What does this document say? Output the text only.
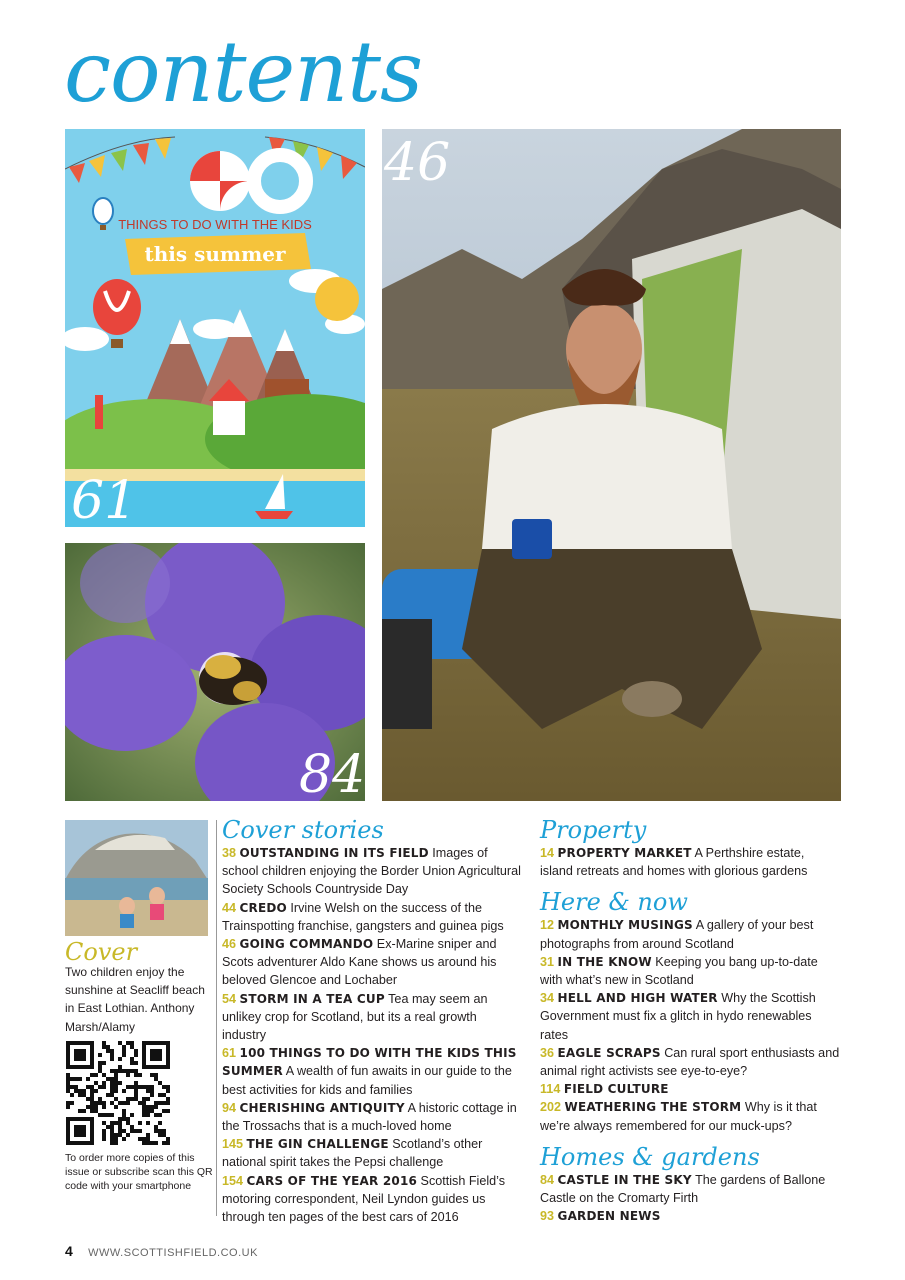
contents
THINGS TO DO WITH THE KIDS
this summer
61
84
46
Cover
Two children enjoy the sunshine at Seacliff beach in East Lothian. Anthony Marsh/Alamy
To order more copies of this issue or subscribe scan this QR code with your smartphone
Cover stories
38 OUTSTANDING IN ITS FIELD Images of school children enjoying the Border Union Agricultural Society Schools Countryside Day
44 CREDO Irvine Welsh on the success of the Trainspotting franchise, gangsters and guinea pigs
46 GOING COMMANDO Ex-Marine sniper and Scots adventurer Aldo Kane shows us around his beloved Glencoe and Lochaber
54 STORM IN A TEA CUP Tea may seem an unlikey crop for Scotland, but its a real growth industry
61 100 THINGS TO DO WITH THE KIDS THIS SUMMER A wealth of fun awaits in our guide to the best activities for kids and families
94 CHERISHING ANTIQUITY A historic cottage in the Trossachs that is a much-loved home
145 THE GIN CHALLENGE Scotland’s other national spirit takes the Pepsi challenge
154 CARS OF THE YEAR 2016 Scottish Field’s motoring correspondent, Neil Lyndon guides us through ten pages of the best cars of 2016
Property
14 PROPERTY MARKET A Perthshire estate, island retreats and homes with glorious gardens
Here & now
12 MONTHLY MUSINGS A gallery of your best photographs from around Scotland
31 IN THE KNOW Keeping you bang up-to-date with what’s new in Scotland
34 HELL AND HIGH WATER Why the Scottish Government must fix a glitch in hydo renewables rates
36 EAGLE SCRAPS Can rural sport enthusiasts and animal right activists see eye-to-eye?
114 FIELD CULTURE
202 WEATHERING THE STORM Why is it that we’re always remembered for our muck-ups?
Homes & gardens
84 CASTLE IN THE SKY The gardens of Ballone Castle on the Cromarty Firth
93 GARDEN NEWS
4 WWW.SCOTTISHFIELD.CO.UK
